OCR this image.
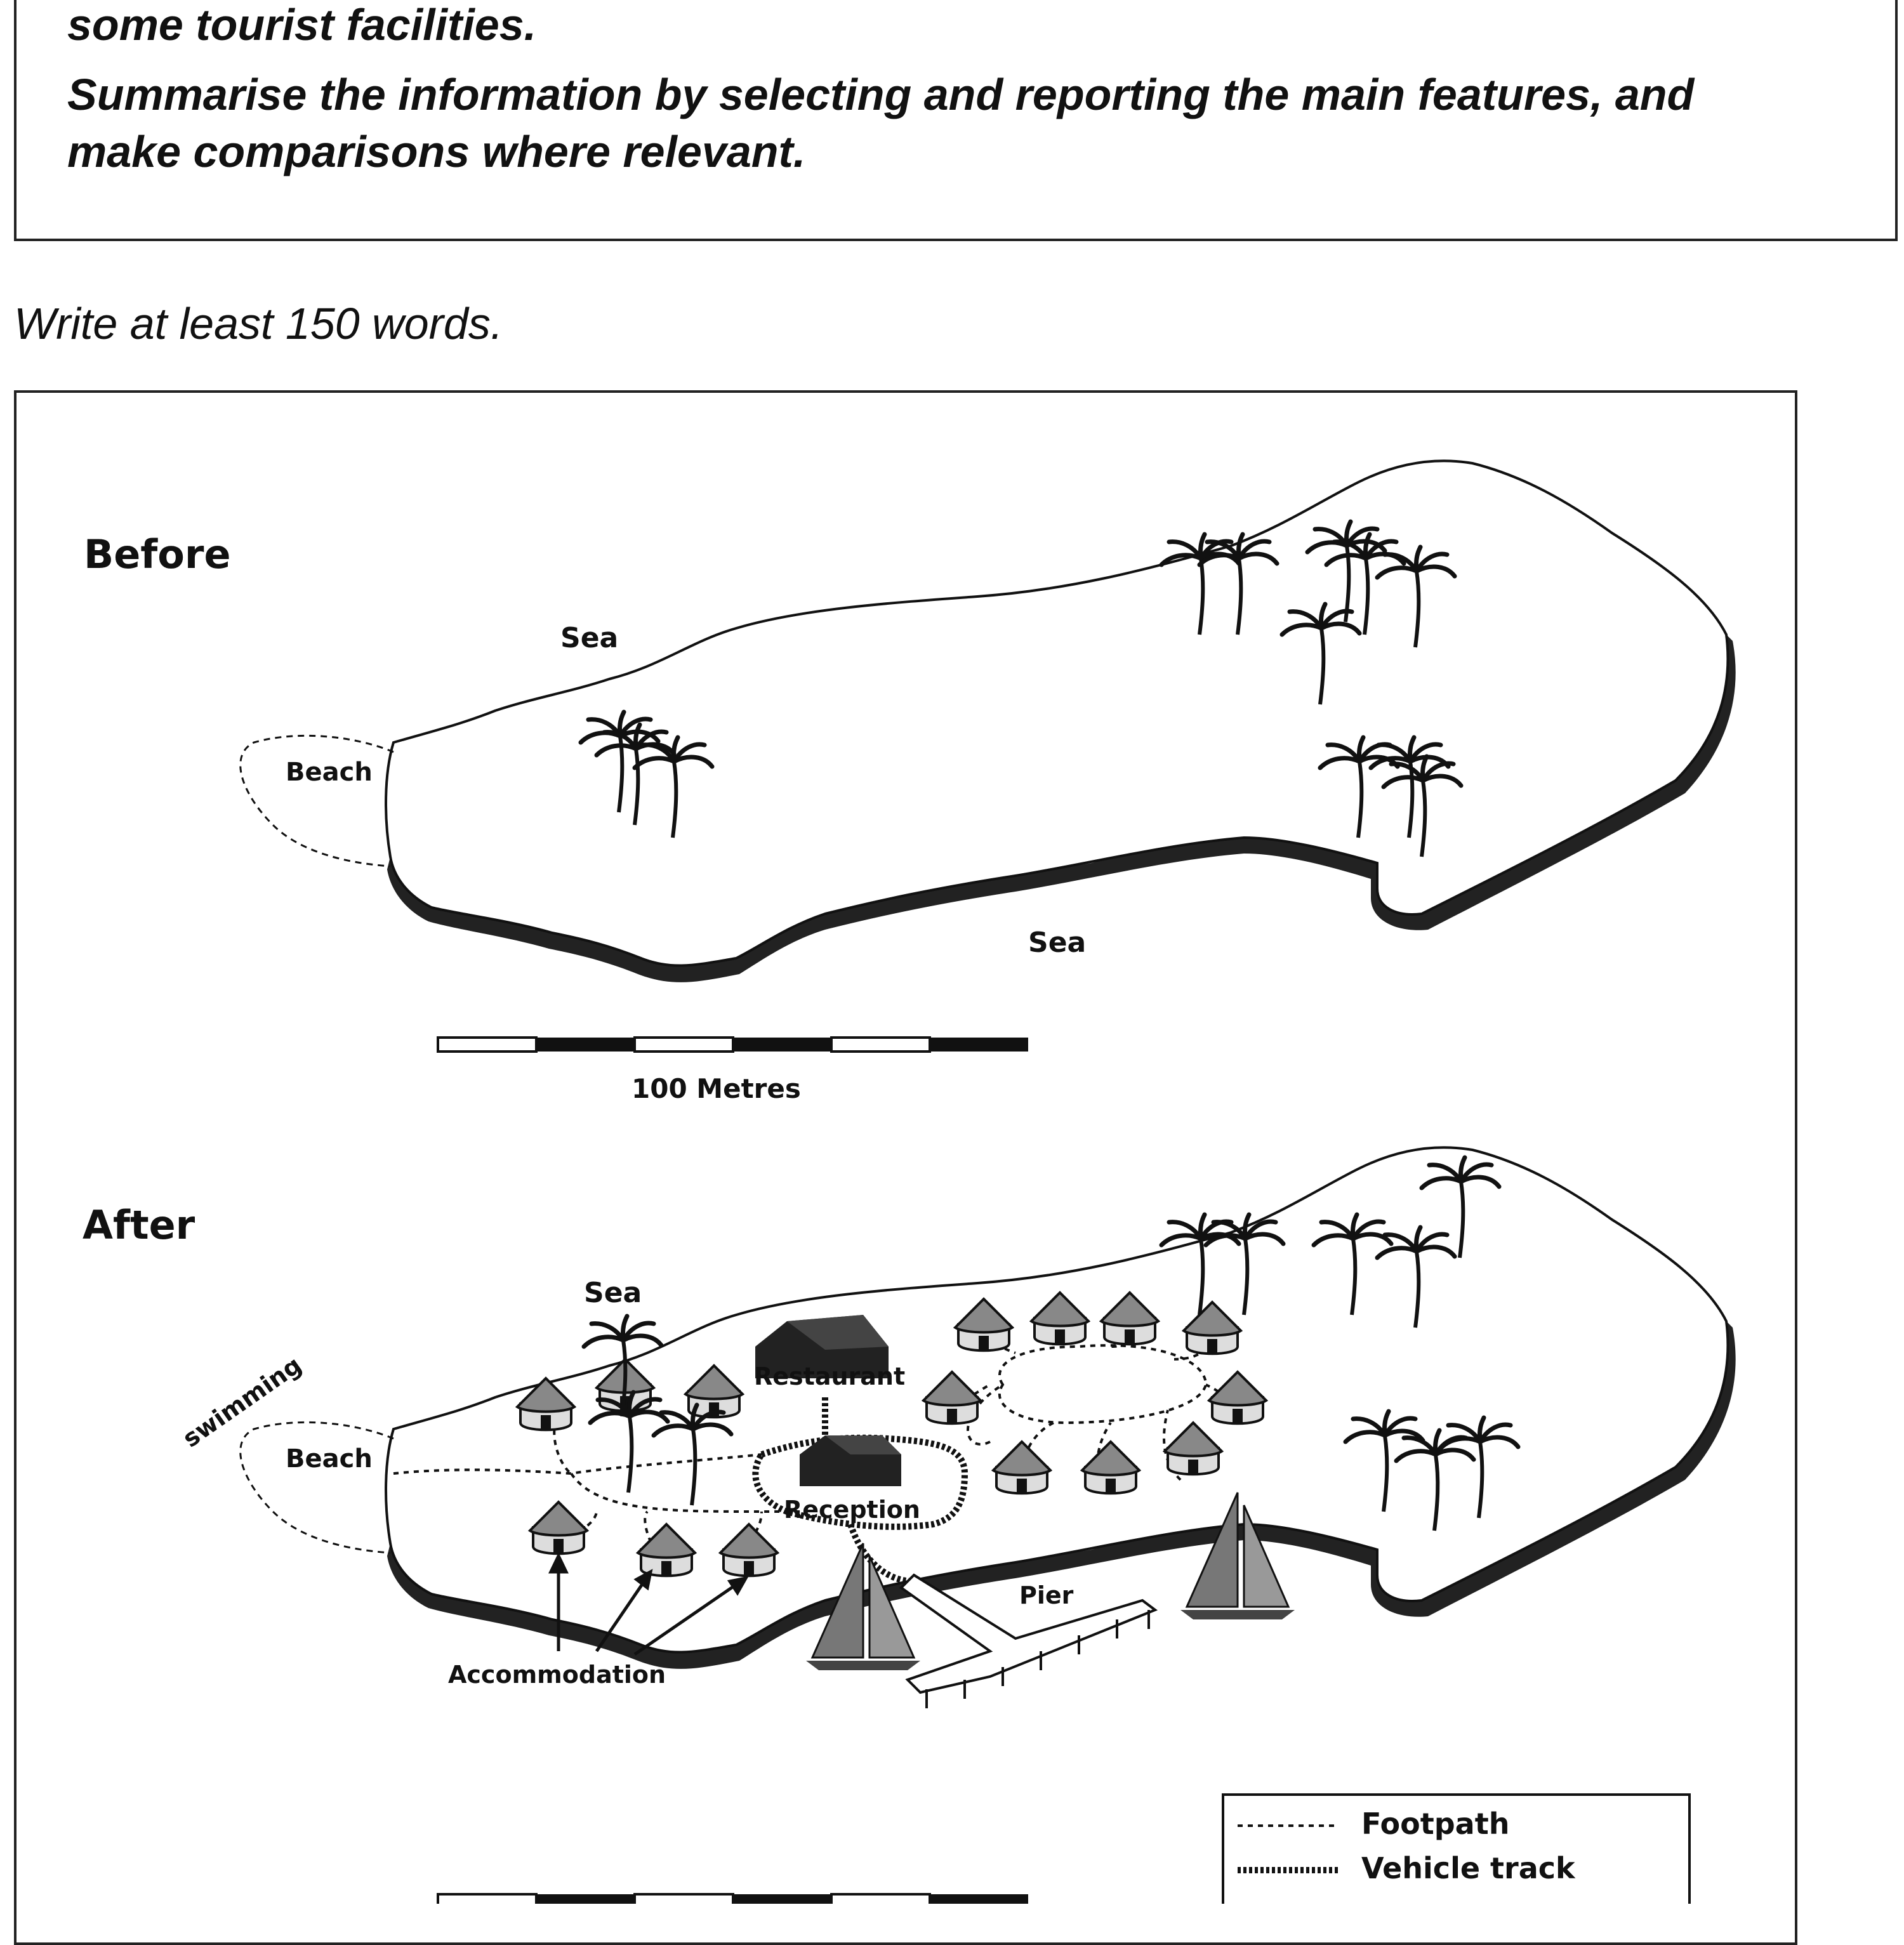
some tourist facilities.

Summarise the information by selecting and reporting the main features, and

make comparisons where relevant.

Write at least 150 words.

Before
Beach
Sea
Sea
100 Metres
After
Beach
swimming
Sea
Restaurant
Reception
Pier
Accommodation
Footpath
Vehicle track
